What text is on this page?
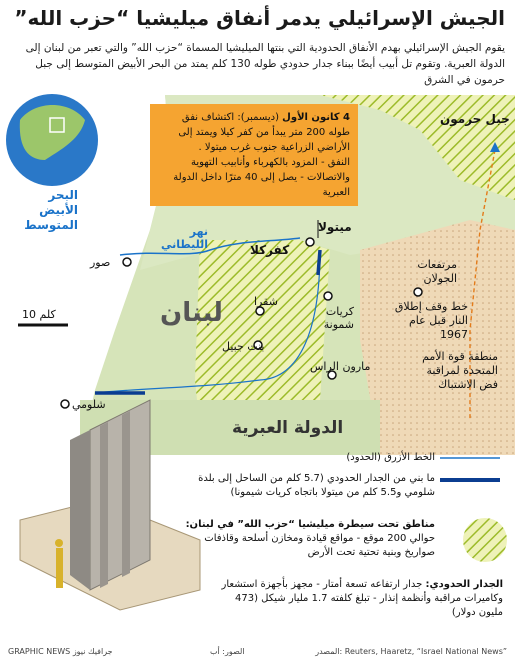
الجيش الإسرائيلي يدمر أنفاق ميليشيا “حزب الله”
يقوم الجيش الإسرائيلي بهدم الأنفاق الحدودية التي بنتها الميليشيا المسماة “حزب الله” والتي تعبر من لبنان إلى الدولة العبرية. وتقوم تل أبيب أيضًا ببناء جدار حدودي طوله 130 كلم يمتد من البحر الأبيض المتوسط إلى جبل حرمون في الشرق
4 كانون الأول (ديسمبر): اكتشاف نفق طوله 200 متر يبدأ من كفر كيلا ويمتد إلى الأراضي الزراعية جنوب غرب ميتولا .
النفق - المزود بالكهرباء وأنابيب التهوية والاتصالات - يصل إلى 40 مترًا داخل الدولة العبرية
البحر الأبيض المتوسط	نهر الليطاني
لبنان
الدولة العبرية
صور
شقرا
بنت جبيل
كريات شمونة
مارون الراس
شلومي
ميتولا
كفركلا
جبل حرمون
مرتفعات الجولان
خط وقف إطلاق النار قبل عام 1967
منطقة قوة الأمم المتحدة لمراقبة فض الاشتباك
10 كلم
الخط الأزرق (الحدود)
ما بني من الجدار الحدودي (5.7 كلم من الساحل إلى بلدة شلومي و5.5 كلم من ميتولا باتجاه كريات شيمونا)
مناطق تحت سيطرة ميليشيا “حزب الله” في لبنان:
حوالي 200 موقع - مواقع قيادة ومخازن أسلحة وقاذفات صواريخ وبنية تحتية تحت الأرض
الجدار الحدودي: جدار ارتفاعه تسعة أمتار - مجهز بأجهزة استشعار وكاميرات مراقبة وأنظمة إنذار - تبلغ كلفته 1.7 مليار شيكل (473 مليون دولار)
GRAPHIC NEWS جرافيك نيوز	الصور: أب	المصدر: Reuters, Haaretz, “Israel National News”
